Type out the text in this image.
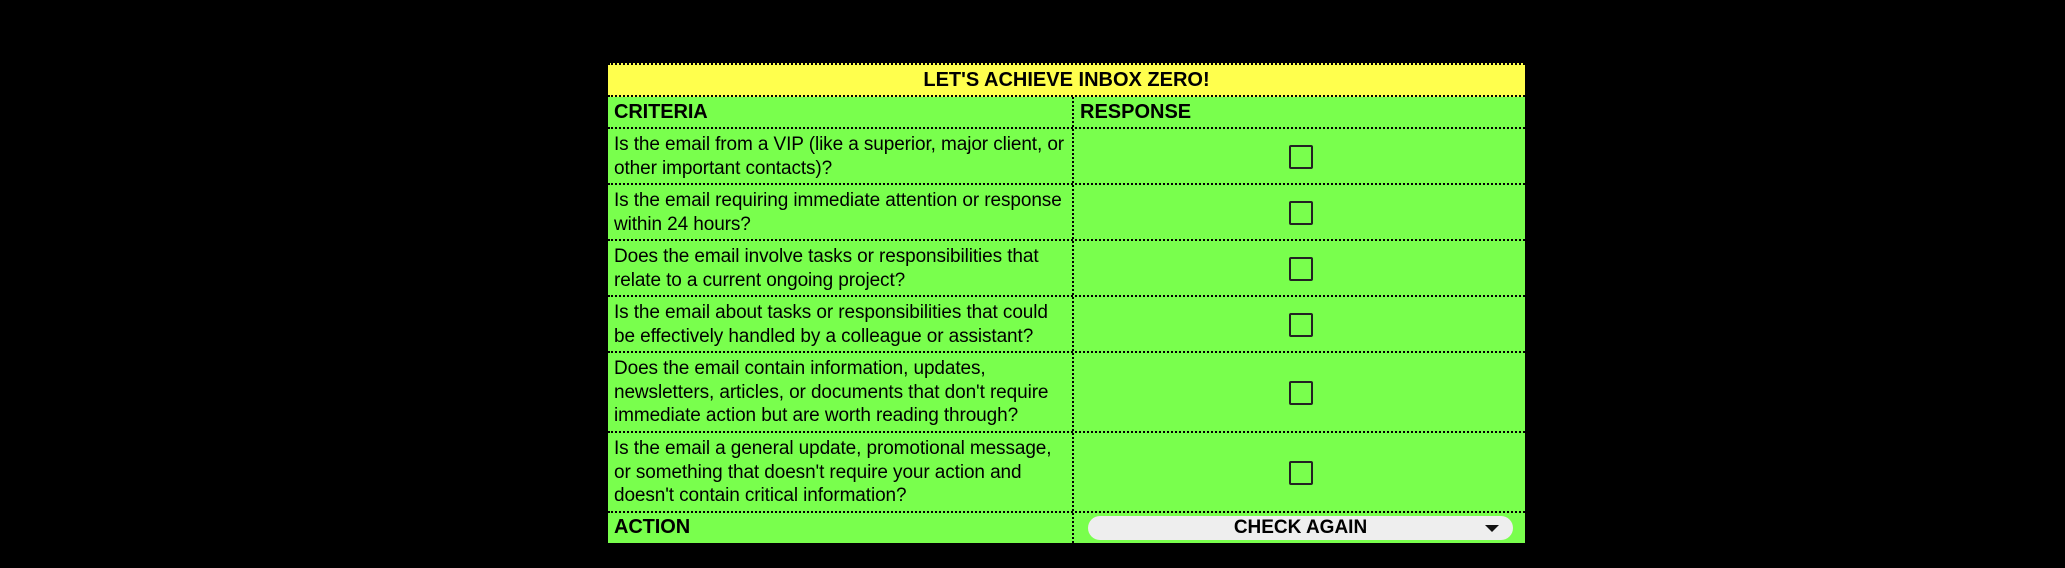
LET'S ACHIEVE INBOX ZERO!
CRITERIA	RESPONSE
Is the email from a VIP (like a superior, major client, or other important contacts)?
Is the email requiring immediate attention or response within 24 hours?
Does the email involve tasks or responsibilities that relate to a current ongoing project?
Is the email about tasks or responsibilities that could be effectively handled by a colleague or assistant?
Does the email contain information, updates, newsletters, articles, or documents that don't require immediate action but are worth reading through?
Is the email a general update, promotional message, or something that doesn't require your action and doesn't contain critical information?
ACTION	CHECK AGAIN
